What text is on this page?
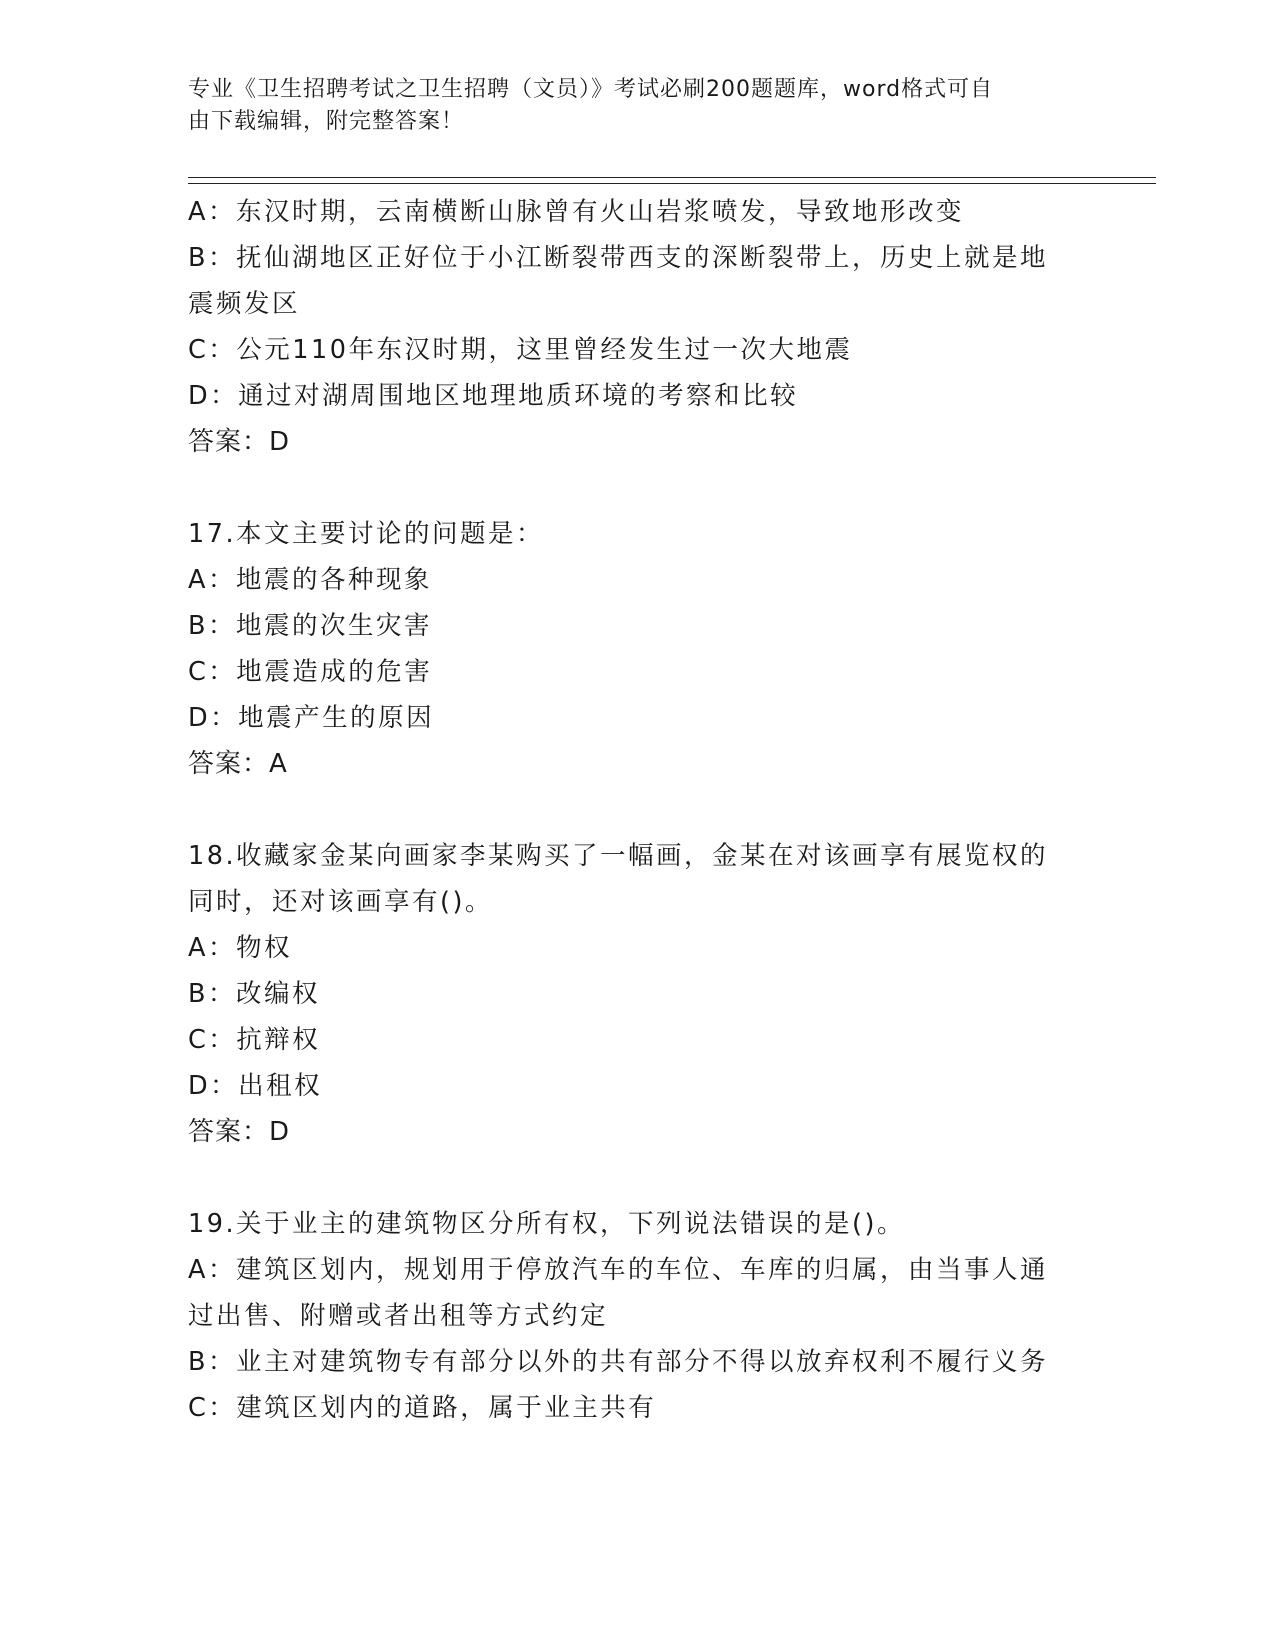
专业《卫生招聘考试之卫生招聘（文员）》考试必刷200题题库，word格式可自
由下载编辑，附完整答案！
A：东汉时期，云南横断山脉曾有火山岩浆喷发，导致地形改变
B：抚仙湖地区正好位于小江断裂带西支的深断裂带上，历史上就是地
震频发区
C：公元110年东汉时期，这里曾经发生过一次大地震
D：通过对湖周围地区地理地质环境的考察和比较
答案：D
17.本文主要讨论的问题是：
A：地震的各种现象
B：地震的次生灾害
C：地震造成的危害
D：地震产生的原因
答案：A
18.收藏家金某向画家李某购买了一幅画，金某在对该画享有展览权的
同时，还对该画享有()。
A：物权
B：改编权
C：抗辩权
D：出租权
答案：D
19.关于业主的建筑物区分所有权，下列说法错误的是()。
A：建筑区划内，规划用于停放汽车的车位、车库的归属，由当事人通
过出售、附赠或者出租等方式约定
B：业主对建筑物专有部分以外的共有部分不得以放弃权利不履行义务
C：建筑区划内的道路，属于业主共有
